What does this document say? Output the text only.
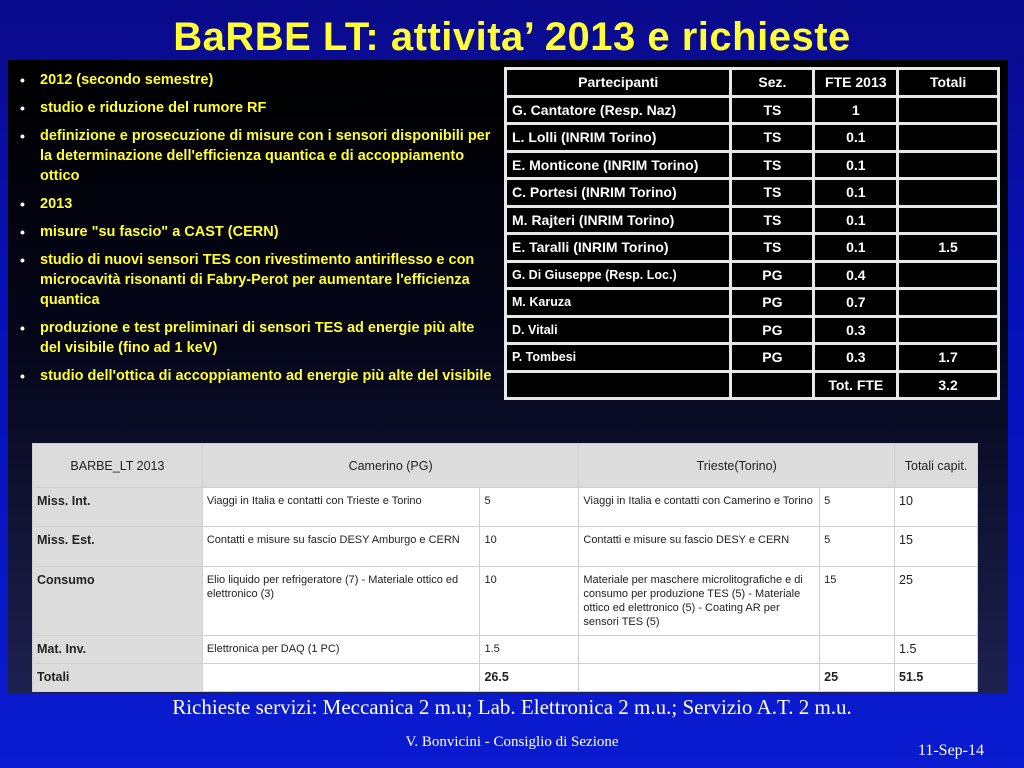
BaRBE LT: attivita’ 2013 e richieste
• 2012 (secondo semestre)
• studio e riduzione del rumore RF
• definizione e prosecuzione di misure con i sensori disponibili per la determinazione dell'efficienza quantica e di accoppiamento ottico
• 2013
• misure "su fascio" a CAST (CERN)
• studio di nuovi sensori TES con rivestimento antiriflesso e con microcavità risonanti di Fabry-Perot per aumentare l'efficienza quantica
• produzione e test preliminari di sensori TES ad energie più alte del visibile (fino ad 1 keV)
• studio dell'ottica di accoppiamento ad energie più alte del visibile
Partecipanti	Sez.	FTE 2013	Totali
G. Cantatore (Resp. Naz)	TS	1	
L. Lolli (INRIM Torino)	TS	0.1	
E. Monticone (INRIM Torino)	TS	0.1	
C. Portesi (INRIM Torino)	TS	0.1	
M. Rajteri (INRIM Torino)	TS	0.1	
E. Taralli (INRIM Torino)	TS	0.1	1.5
G. Di Giuseppe (Resp. Loc.)	PG	0.4	
M. Karuza	PG	0.7	
D. Vitali	PG	0.3	
P. Tombesi	PG	0.3	1.7
		Tot. FTE	3.2
BARBE_LT 2013	Camerino (PG)		Trieste(Torino)		Totali capit.
Miss. Int.	Viaggi in Italia e contatti con Trieste e Torino	5	Viaggi in Italia e contatti con Camerino e Torino	5	10
Miss. Est.	Contatti e misure su fascio DESY Amburgo e CERN	10	Contatti e misure su fascio DESY e CERN	5	15
Consumo	Elio liquido per refrigeratore (7) - Materiale ottico ed elettronico (3)	10	Materiale per maschere microlitografiche e di consumo per produzione TES (5) - Materiale ottico ed elettronico (5) - Coating AR per sensori TES (5)	15	25
Mat. Inv.	Elettronica per DAQ (1 PC)	1.5			1.5
Totali		26.5		25	51.5
Richieste servizi: Meccanica 2 m.u; Lab. Elettronica 2 m.u.; Servizio A.T. 2 m.u.
V. Bonvicini - Consiglio di Sezione	11-Sep-14
